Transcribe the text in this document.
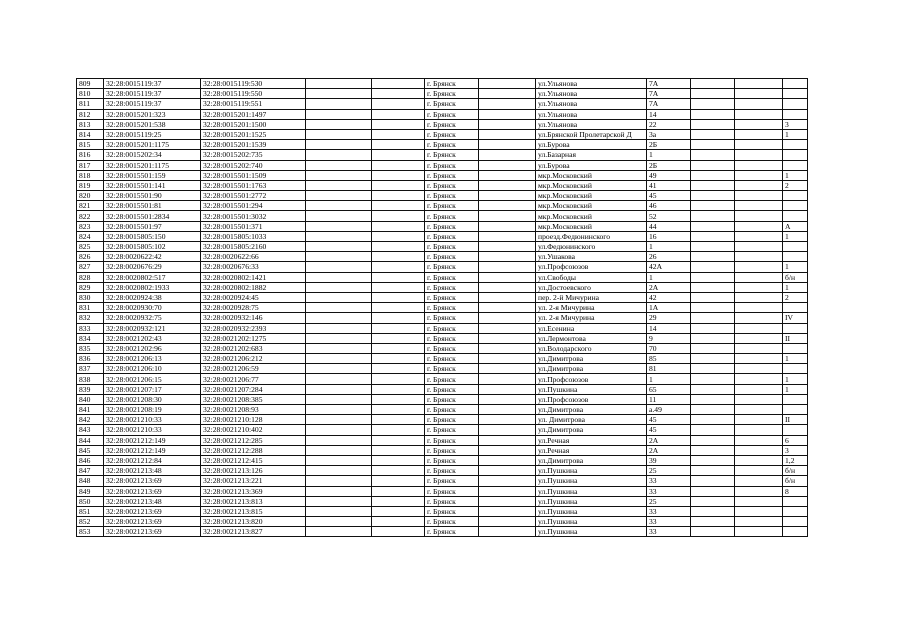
809	32:28:0015119:37	32:28:0015119:530			г. Брянск		ул.Ульянова	7А			
810	32:28:0015119:37	32:28:0015119:550			г. Брянск		ул.Ульянова	7А			
811	32:28:0015119:37	32:28:0015119:551			г. Брянск		ул.Ульянова	7А			
812	32:28:0015201:323	32:28:0015201:1497			г. Брянск		ул.Ульянова	14			
813	32:28:0015201:538	32:28:0015201:1500			г. Брянск		ул.Ульянова	22			3
814	32:28:0015119:25	32:28:0015201:1525			г. Брянск		ул.Брянской Пролетарской Д	3а			1
815	32:28:0015201:1175	32:28:0015201:1539			г. Брянск		ул.Бурова	2Б			
816	32:28:0015202:34	32:28:0015202:735			г. Брянск		ул.Базарная	1			
817	32:28:0015201:1175	32:28:0015202:740			г. Брянск		ул.Бурова	2Б			
818	32:28:0015501:159	32:28:0015501:1509			г. Брянск		мкр.Московский	49			1
819	32:28:0015501:141	32:28:0015501:1763			г. Брянск		мкр.Московский	41			2
820	32:28:0015501:90	32:28:0015501:2772			г. Брянск		мкр.Московский	45			
821	32:28:0015501:81	32:28:0015501:294			г. Брянск		мкр.Московский	46			
822	32:28:0015501:2834	32:28:0015501:3032			г. Брянск		мкр.Московский	52			
823	32:28:0015501:97	32:28:0015501:371			г. Брянск		мкр.Московский	44			А
824	32:28:0015805:150	32:28:0015805:1033			г. Брянск		проезд.Федюнинского	16			1
825	32:28:0015805:102	32:28:0015805:2160			г. Брянск		ул.Федюнинского	1			
826	32:28:0020622:42	32:28:0020622:66			г. Брянск		ул.Ушакова	26			
827	32:28:0020676:29	32:28:0020676:33			г. Брянск		ул.Профсоюзов	42А			1
828	32:28:0020802:517	32:28:0020802:1421			г. Брянск		ул.Свободы	1			б/н
829	32:28:0020802:1933	32:28:0020802:1882			г. Брянск		ул.Достоевского	2А			1
830	32:28:0020924:38	32:28:0020924:45			г. Брянск		пер. 2-й Мичурина	42			2
831	32:28:0020930:70	32:28:0020928:75			г. Брянск		ул. 2-я Мичурина	1А			
832	32:28:0020932:75	32:28:0020932:146			г. Брянск		ул. 2-я Мичурина	29			IV
833	32:28:0020932:121	32:28:0020932:2393			г. Брянск		ул.Есенина	14			
834	32:28:0021202:43	32:28:0021202:1275			г. Брянск		ул.Лермонтова	9			II
835	32:28:0021202:96	32:28:0021202:683			г. Брянск		ул.Володарского	70			
836	32:28:0021206:13	32:28:0021206:212			г. Брянск		ул.Димитрова	85			1
837	32:28:0021206:10	32:28:0021206:59			г. Брянск		ул.Димитрова	81			
838	32:28:0021206:15	32:28:0021206:77			г. Брянск		ул.Профсоюзов	1			1
839	32:28:0021207:17	32:28:0021207:284			г. Брянск		ул.Пушкина	65			1
840	32:28:0021208:30	32:28:0021208:385			г. Брянск		ул.Профсоюзов	11			
841	32:28:0021208:19	32:28:0021208:93			г. Брянск		ул.Димитрова	а.49			
842	32:28:0021210:33	32:28:0021210:128			г. Брянск		ул. Димитрова	45			II
843	32:28:0021210:33	32:28:0021210:402			г. Брянск		ул.Димитрова	45			
844	32:28:0021212:149	32:28:0021212:285			г. Брянск		ул.Речная	2А			6
845	32:28:0021212:149	32:28:0021212:288			г. Брянск		ул.Речная	2А			3
846	32:28:0021212:84	32:28:0021212:415			г. Брянск		ул.Димитрова	39			1,2
847	32:28:0021213:48	32:28:0021213:126			г. Брянск		ул.Пушкина	25			б/н
848	32:28:0021213:69	32:28:0021213:221			г. Брянск		ул.Пушкина	33			б/н
849	32:28:0021213:69	32:28:0021213:369			г. Брянск		ул.Пушкина	33			8
850	32:28:0021213:48	32:28:0021213:813			г. Брянск		ул.Пушкина	25			
851	32:28:0021213:69	32:28:0021213:815			г. Брянск		ул.Пушкина	33			
852	32:28:0021213:69	32:28:0021213:820			г. Брянск		ул.Пушкина	33			
853	32:28:0021213:69	32:28:0021213:827			г. Брянск		ул.Пушкина	33			
